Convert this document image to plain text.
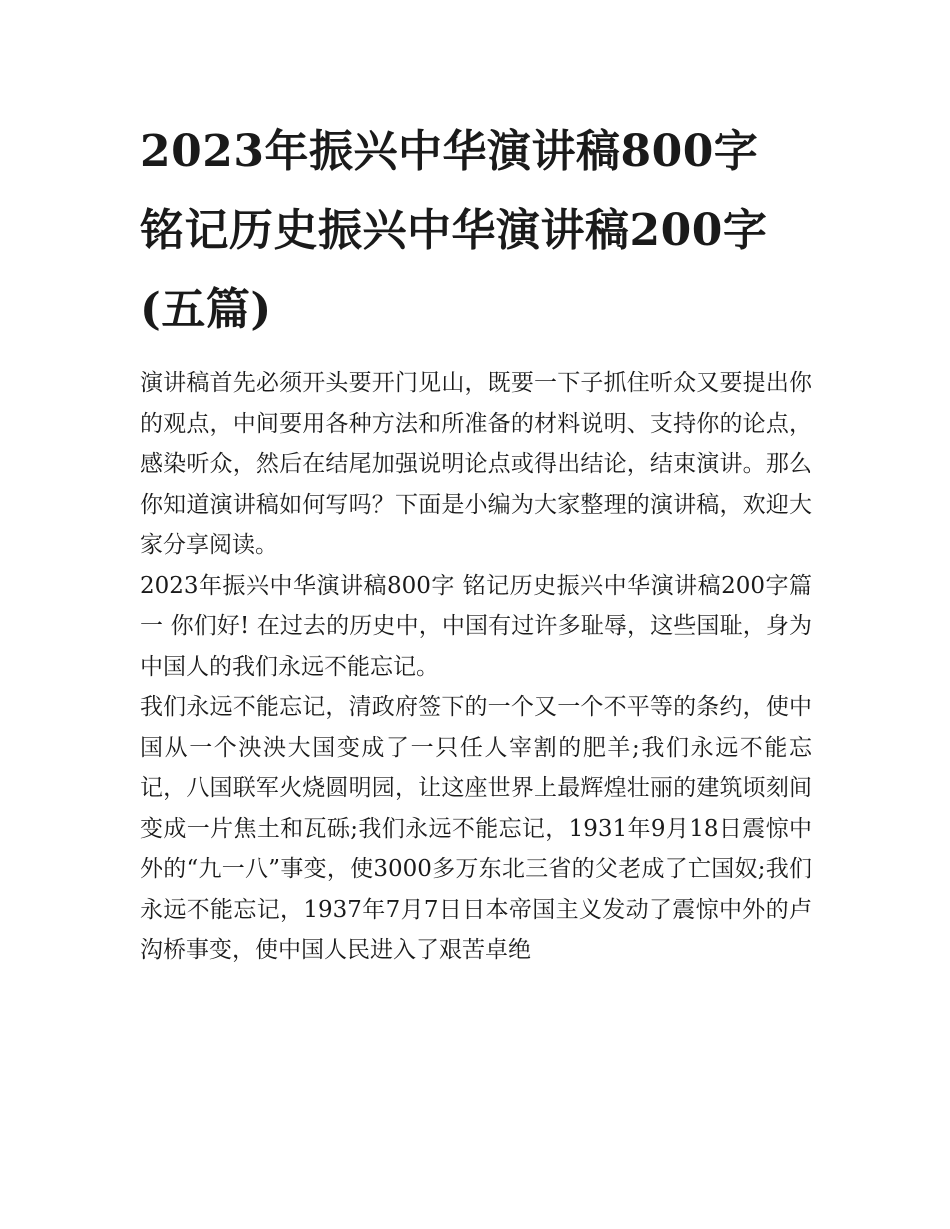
2023年振兴中华演讲稿800字 铭记历史振兴中华演讲稿200字(五篇)

演讲稿首先必须开头要开门见山，既要一下子抓住听众又要提出你的观点，中间要用各种方法和所准备的材料说明、支持你的论点，感染听众，然后在结尾加强说明论点或得出结论，结束演讲。那么你知道演讲稿如何写吗？下面是小编为大家整理的演讲稿，欢迎大家分享阅读。

2023年振兴中华演讲稿800字 铭记历史振兴中华演讲稿200字篇一 你们好! 在过去的历史中，中国有过许多耻辱，这些国耻，身为中国人的我们永远不能忘记。

我们永远不能忘记，清政府签下的一个又一个不平等的条约，使中国从一个泱泱大国变成了一只任人宰割的肥羊;我们永远不能忘记，八国联军火烧圆明园，让这座世界上最辉煌壮丽的建筑顷刻间变成一片焦土和瓦砾;我们永远不能忘记，1931年9月18日震惊中外的“九一八”事变，使3000多万东北三省的父老成了亡国奴;我们永远不能忘记，1937年7月7日日本帝国主义发动了震惊中外的卢沟桥事变，使中国人民进入了艰苦卓绝
